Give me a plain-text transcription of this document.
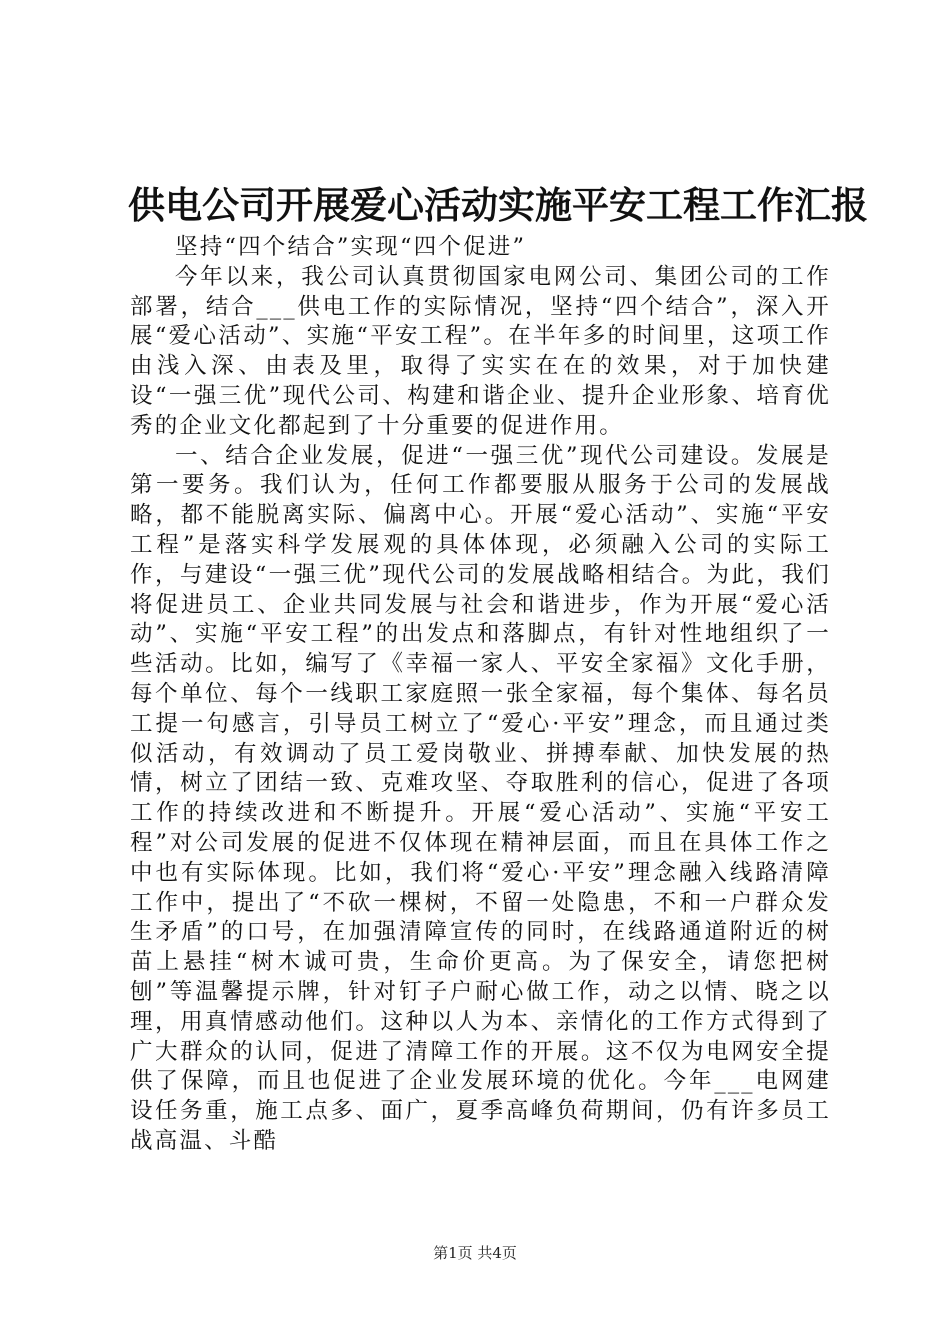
供电公司开展爱心活动实施平安工程工作汇报

坚持“四个结合”实现“四个促进”

今年以来，我公司认真贯彻国家电网公司、集团公司的工作部署，结合___供电工作的实际情况，坚持“四个结合”，深入开展“爱心活动”、实施“平安工程”。在半年多的时间里，这项工作由浅入深、由表及里，取得了实实在在的效果，对于加快建设“一强三优”现代公司、构建和谐企业、提升企业形象、培育优秀的企业文化都起到了十分重要的促进作用。

一、结合企业发展，促进“一强三优”现代公司建设。发展是第一要务。我们认为，任何工作都要服从服务于公司的发展战略，都不能脱离实际、偏离中心。开展“爱心活动”、实施“平安工程”是落实科学发展观的具体体现，必须融入公司的实际工作，与建设“一强三优”现代公司的发展战略相结合。为此，我们将促进员工、企业共同发展与社会和谐进步，作为开展“爱心活动”、实施“平安工程”的出发点和落脚点，有针对性地组织了一些活动。比如，编写了《幸福一家人、平安全家福》文化手册，每个单位、每个一线职工家庭照一张全家福，每个集体、每名员工提一句感言，引导员工树立了“爱心·平安”理念，而且通过类似活动，有效调动了员工爱岗敬业、拼搏奉献、加快发展的热情，树立了团结一致、克难攻坚、夺取胜利的信心，促进了各项工作的持续改进和不断提升。开展“爱心活动”、实施“平安工程”对公司发展的促进不仅体现在精神层面，而且在具体工作之中也有实际体现。比如，我们将“爱心·平安”理念融入线路清障工作中，提出了“不砍一棵树，不留一处隐患，不和一户群众发生矛盾”的口号，在加强清障宣传的同时，在线路通道附近的树苗上悬挂“树木诚可贵，生命价更高。为了保安全，请您把树刨”等温馨提示牌，针对钉子户耐心做工作，动之以情、晓之以理，用真情感动他们。这种以人为本、亲情化的工作方式得到了广大群众的认同，促进了清障工作的开展。这不仅为电网安全提供了保障，而且也促进了企业发展环境的优化。今年___电网建设任务重，施工点多、面广，夏季高峰负荷期间，仍有许多员工战高温、斗酷

第1页 共4页
